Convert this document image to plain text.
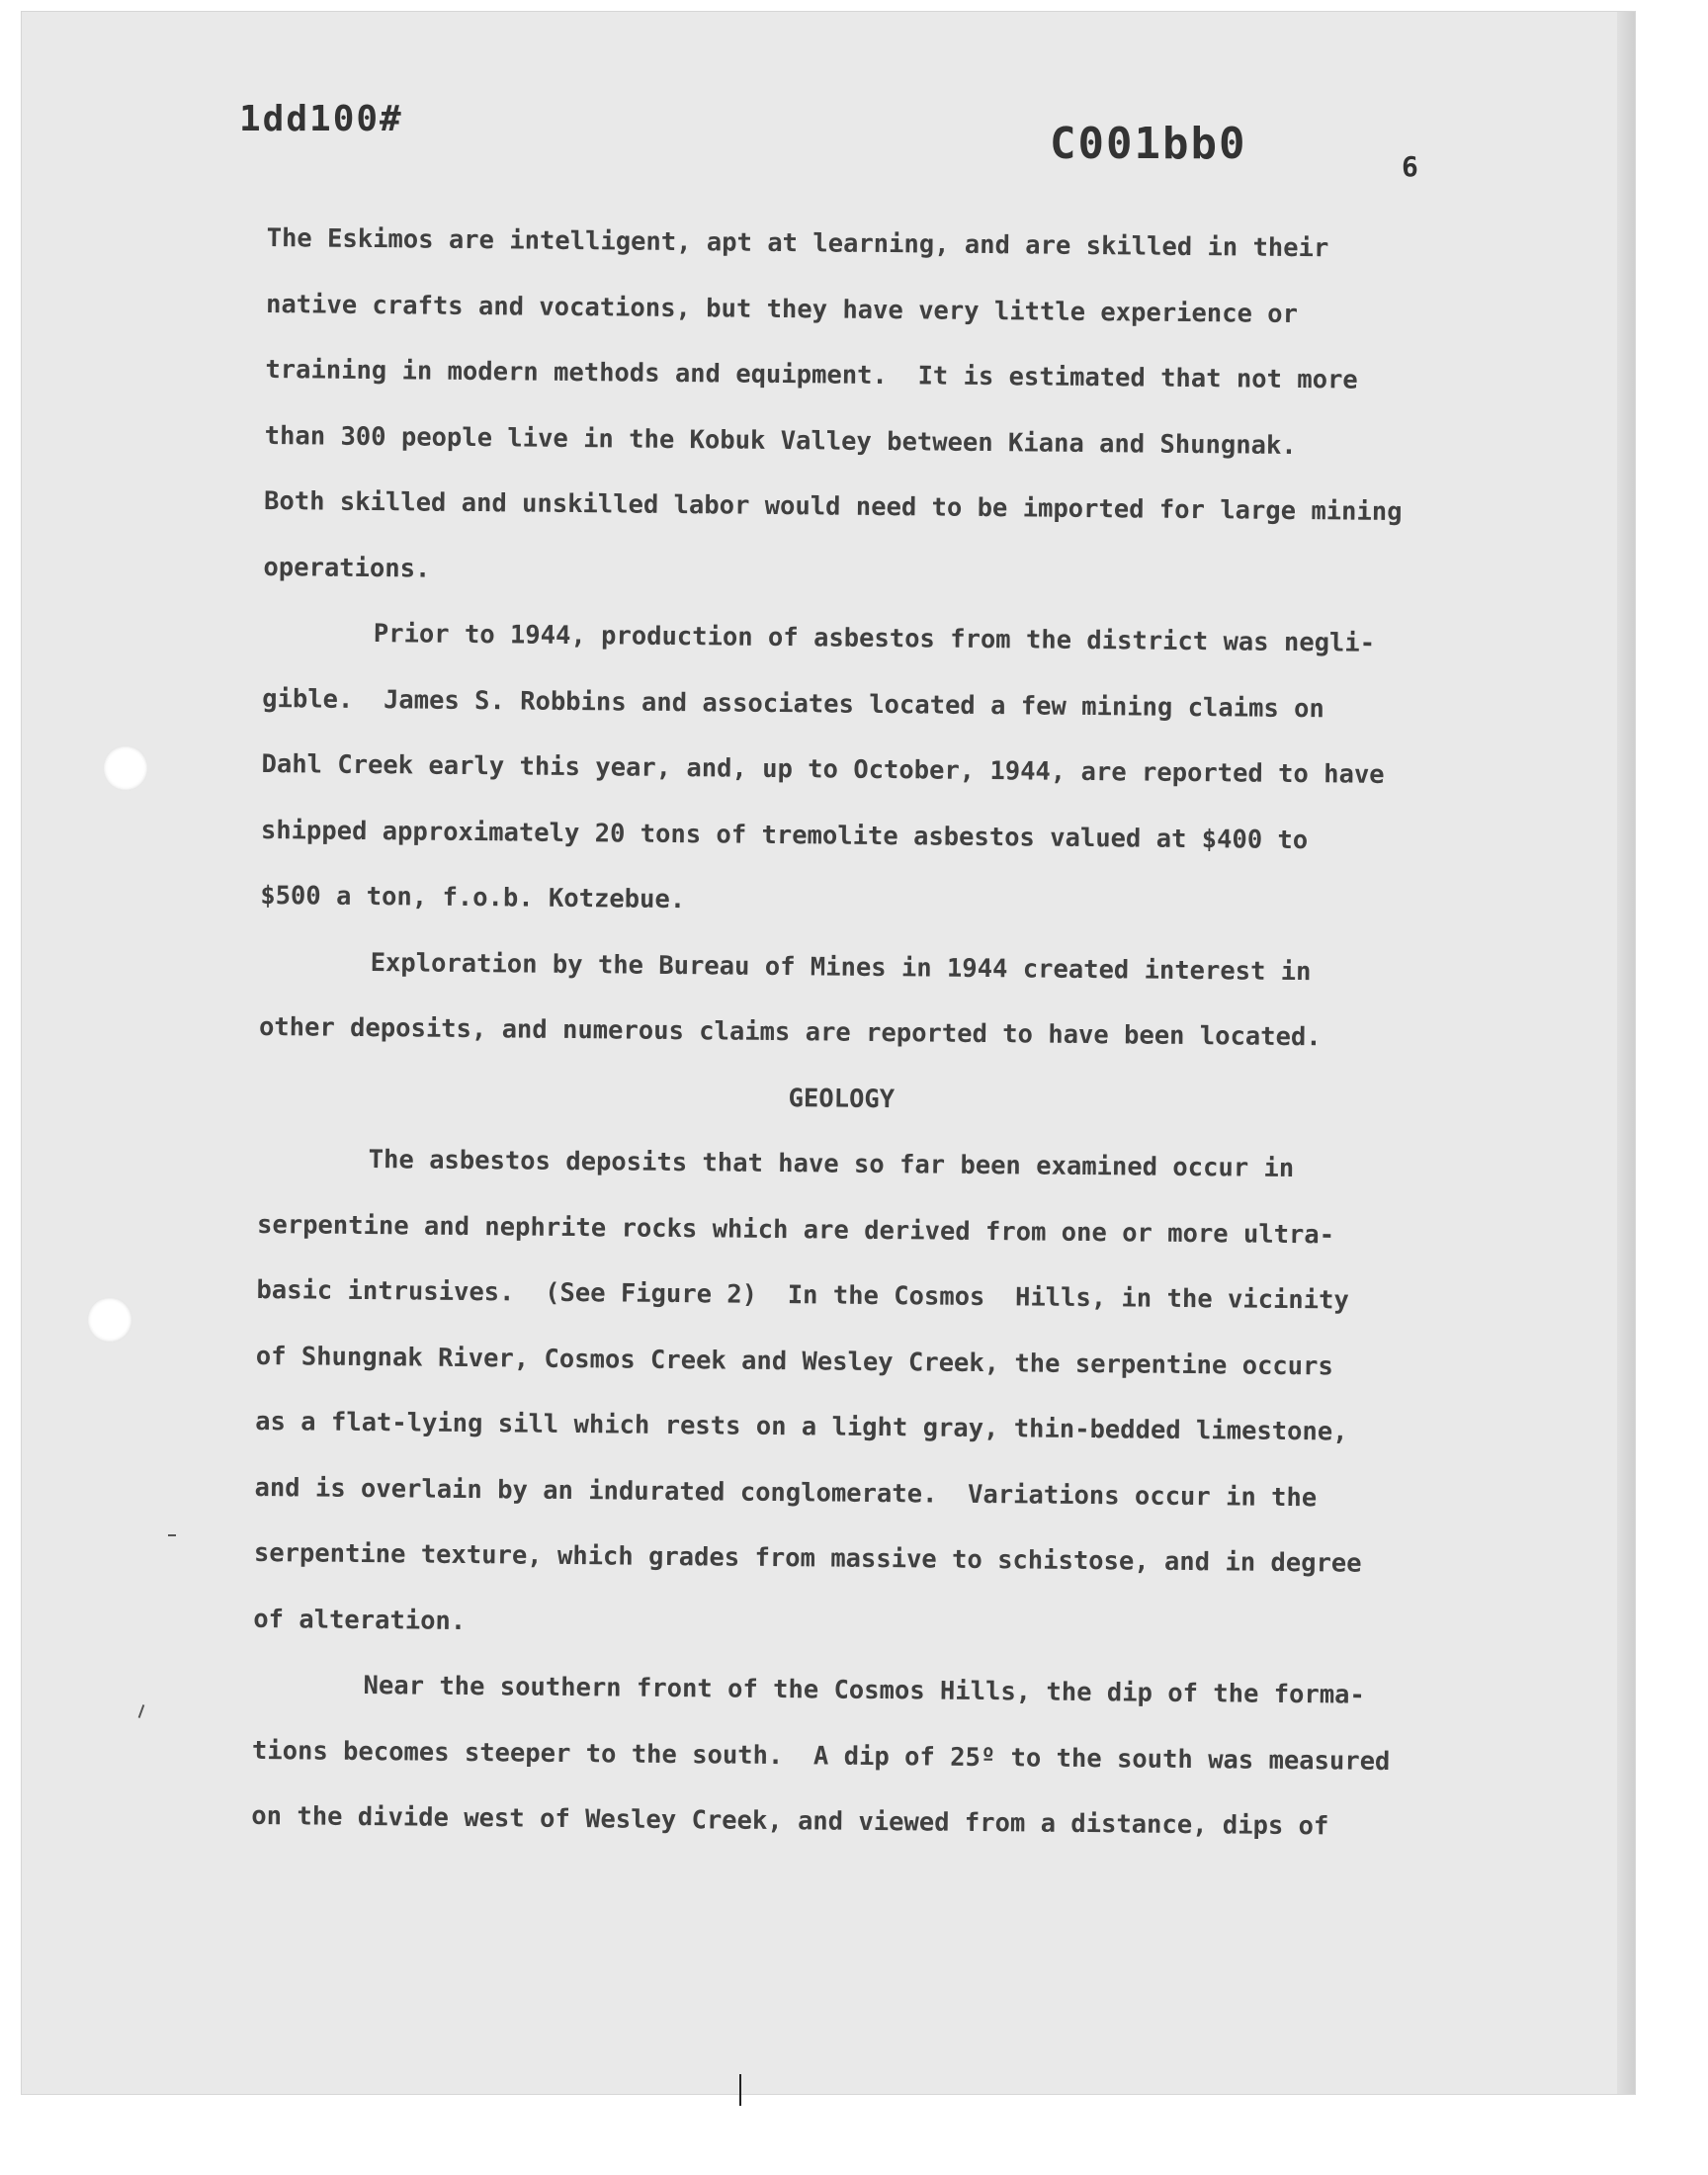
1dd100#	C001bb0	6

The Eskimos are intelligent, apt at learning, and are skilled in their
native crafts and vocations, but they have very little experience or
training in modern methods and equipment.  It is estimated that not more
than 300 people live in the Kobuk Valley between Kiana and Shungnak.
Both skilled and unskilled labor would need to be imported for large mining
operations.

Prior to 1944, production of asbestos from the district was negli-
gible.  James S. Robbins and associates located a few mining claims on
Dahl Creek early this year, and, up to October, 1944, are reported to have
shipped approximately 20 tons of tremolite asbestos valued at $400 to
$500 a ton, f.o.b. Kotzebue.

Exploration by the Bureau of Mines in 1944 created interest in
other deposits, and numerous claims are reported to have been located.

GEOLOGY

The asbestos deposits that have so far been examined occur in
serpentine and nephrite rocks which are derived from one or more ultra-
basic intrusives.  (See Figure 2)  In the Cosmos  Hills, in the vicinity
of Shungnak River, Cosmos Creek and Wesley Creek, the serpentine occurs
as a flat-lying sill which rests on a light gray, thin-bedded limestone,
and is overlain by an indurated conglomerate.  Variations occur in the
serpentine texture, which grades from massive to schistose, and in degree
of alteration.

Near the southern front of the Cosmos Hills, the dip of the forma-
tions becomes steeper to the south.  A dip of 25º to the south was measured
on the divide west of Wesley Creek, and viewed from a distance, dips of
